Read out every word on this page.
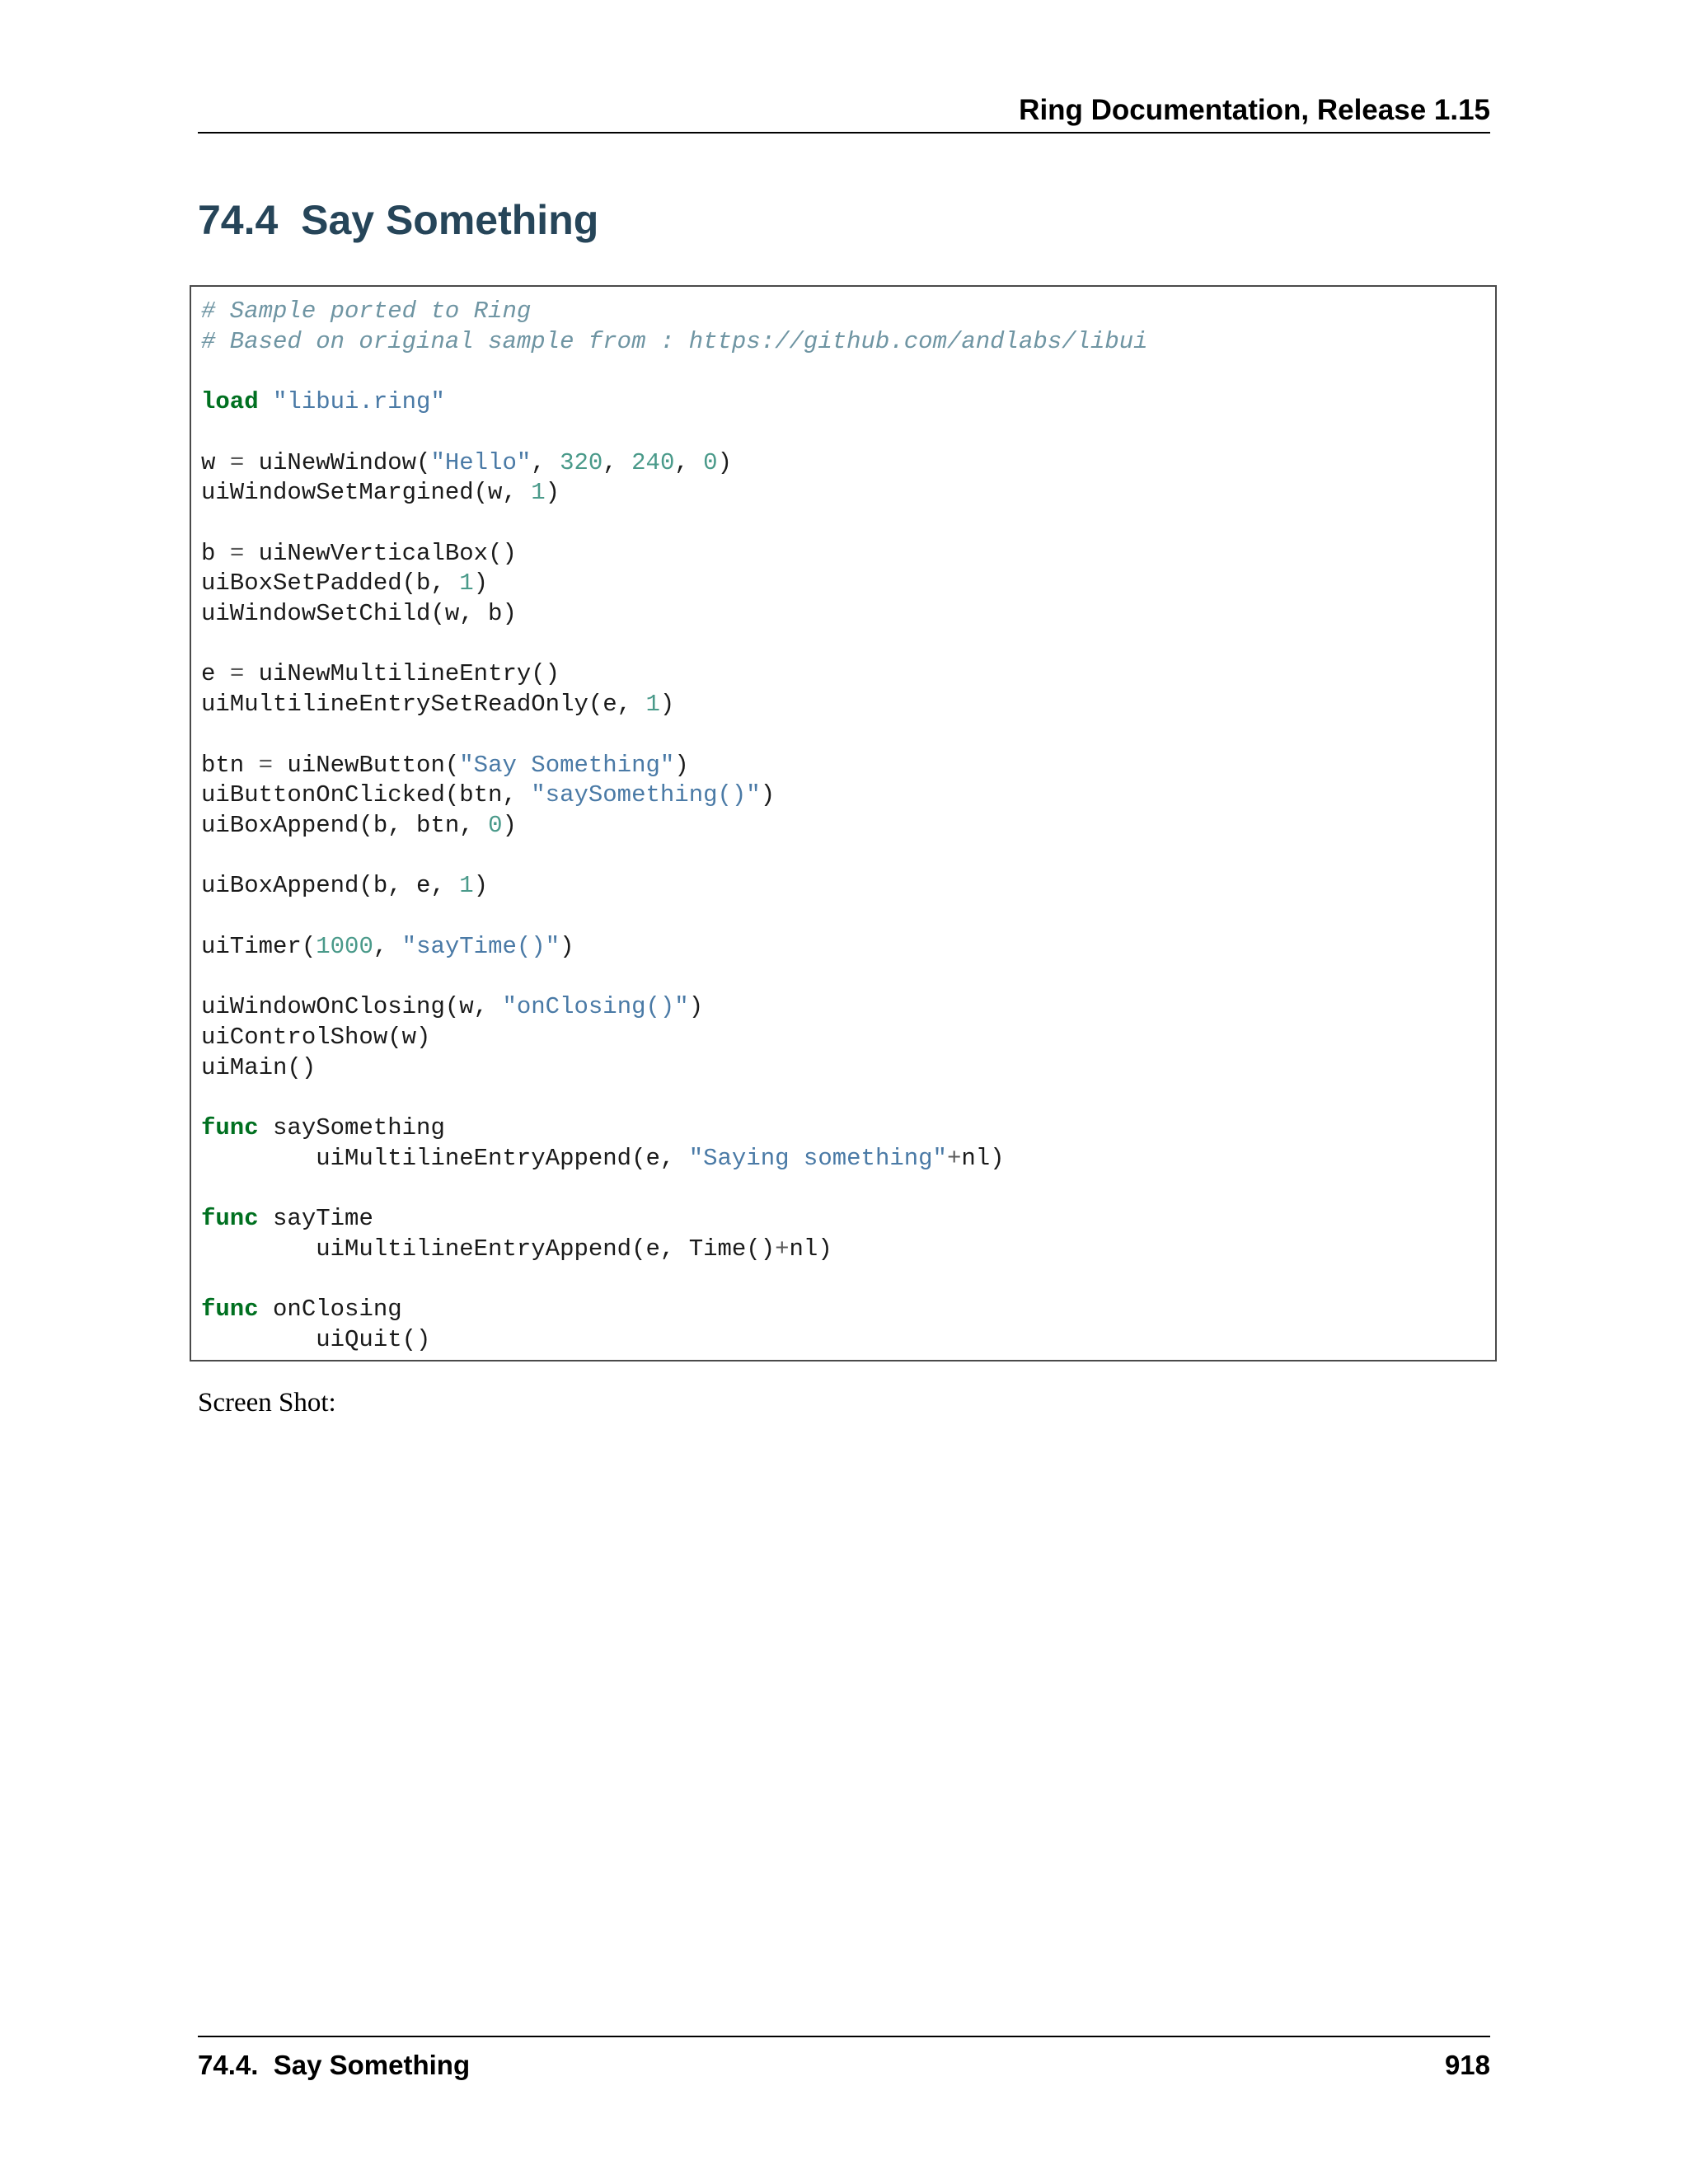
Ring Documentation, Release 1.15
74.4  Say Something
# Sample ported to Ring
# Based on original sample from : https://github.com/andlabs/libui

load "libui.ring"

w = uiNewWindow("Hello", 320, 240, 0)
uiWindowSetMargined(w, 1)

b = uiNewVerticalBox()
uiBoxSetPadded(b, 1)
uiWindowSetChild(w, b)

e = uiNewMultilineEntry()
uiMultilineEntrySetReadOnly(e, 1)

btn = uiNewButton("Say Something")
uiButtonOnClicked(btn, "saySomething()")
uiBoxAppend(b, btn, 0)

uiBoxAppend(b, e, 1)

uiTimer(1000, "sayTime()")

uiWindowOnClosing(w, "onClosing()")
uiControlShow(w)
uiMain()

func saySomething
uiMultilineEntryAppend(e, "Saying something"+nl)

func sayTime
uiMultilineEntryAppend(e, Time()+nl)

func onClosing
uiQuit()
Screen Shot:
74.4.  Say Something	918
